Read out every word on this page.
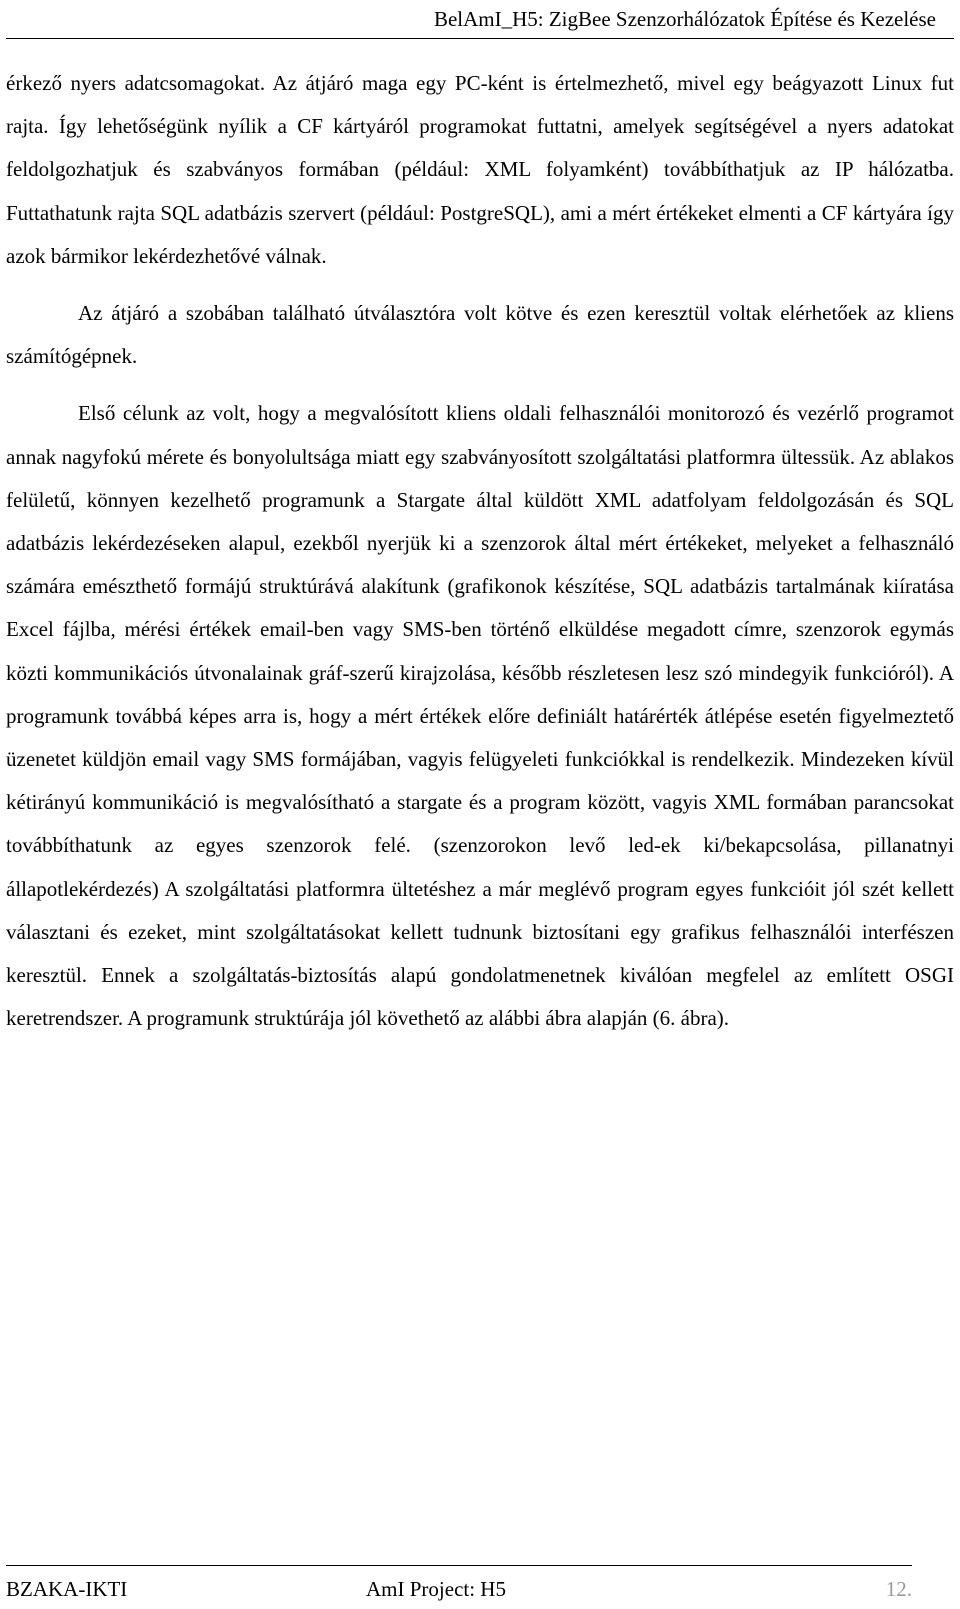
BelAmI_H5: ZigBee Szenzorhálózatok Építése és Kezelése

érkező nyers adatcsomagokat. Az átjáró maga egy PC-ként is értelmezhető, mivel egy beágyazott Linux fut rajta. Így lehetőségünk nyílik a CF kártyáról programokat futtatni, amelyek segítségével a nyers adatokat feldolgozhatjuk és szabványos formában (például: XML folyamként) továbbíthatjuk az IP hálózatba. Futtathatunk rajta SQL adatbázis szervert (például: PostgreSQL), ami a mért értékeket elmenti a CF kártyára így azok bármikor lekérdezhetővé válnak.

Az átjáró a szobában található útválasztóra volt kötve és ezen keresztül voltak elérhetőek az kliens számítógépnek.

Első célunk az volt, hogy a megvalósított kliens oldali felhasználói monitorozó és vezérlő programot annak nagyfokú mérete és bonyolultsága miatt egy szabványosított szolgáltatási platformra ültessük. Az ablakos felületű, könnyen kezelhető programunk a Stargate által küldött XML adatfolyam feldolgozásán és SQL adatbázis lekérdezéseken alapul, ezekből nyerjük ki a szenzorok által mért értékeket, melyeket a felhasználó számára emészthető formájú struktúrává alakítunk (grafikonok készítése, SQL adatbázis tartalmának kiíratása Excel fájlba, mérési értékek email-ben vagy SMS-ben történő elküldése megadott címre, szenzorok egymás közti kommunikációs útvonalainak gráf-szerű kirajzolása, később részletesen lesz szó mindegyik funkcióról). A programunk továbbá képes arra is, hogy a mért értékek előre definiált határérték átlépése esetén figyelmeztető üzenetet küldjön email vagy SMS formájában, vagyis felügyeleti funkciókkal is rendelkezik. Mindezeken kívül kétirányú kommunikáció is megvalósítható a stargate és a program között, vagyis XML formában parancsokat továbbíthatunk az egyes szenzorok felé. (szenzorokon levő led-ek ki/bekapcsolása, pillanatnyi állapotlekérdezés) A szolgáltatási platformra ültetéshez a már meglévő program egyes funkcióit jól szét kellett választani és ezeket, mint szolgáltatásokat kellett tudnunk biztosítani egy grafikus felhasználói interfészen keresztül. Ennek a szolgáltatás-biztosítás alapú gondolatmenetnek kiválóan megfelel az említett OSGI keretrendszer. A programunk struktúrája jól követhető az alábbi ábra alapján (6. ábra).

BZAKA-IKTI	AmI Project: H5	12.
